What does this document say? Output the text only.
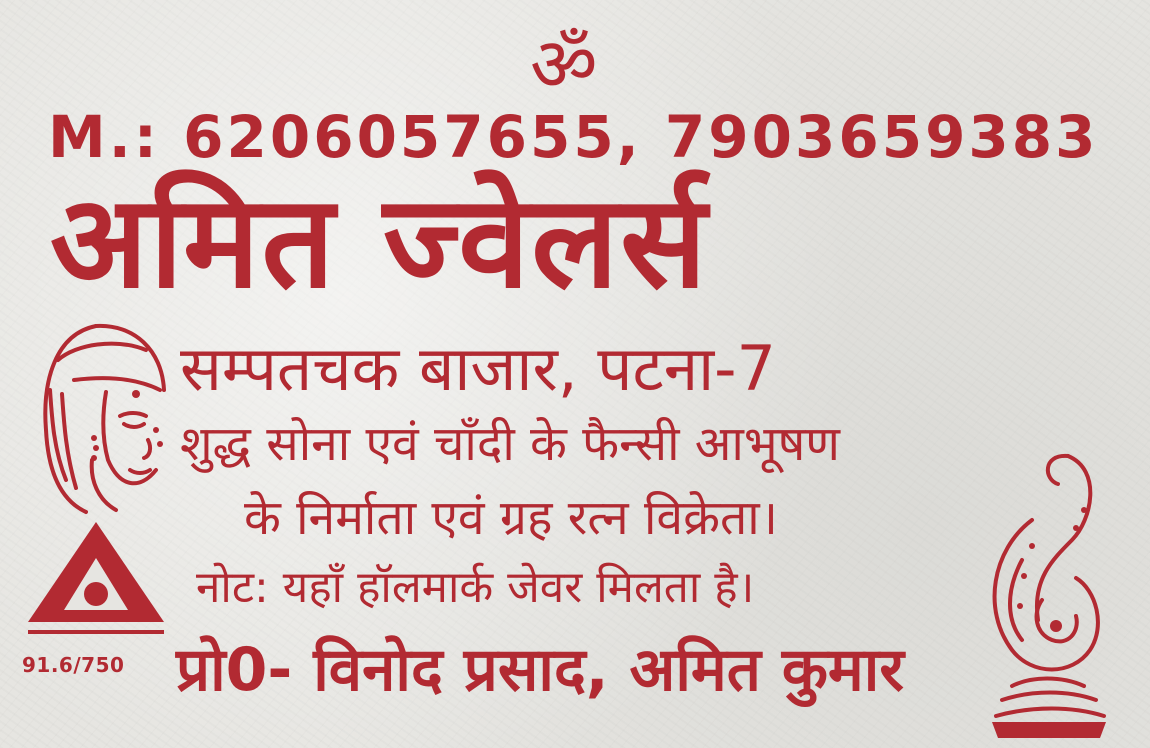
ॐ
M.: 6206057655, 7903659383
अमित ज्वेलर्स
सम्पतचक बाजार, पटना-7
शुद्ध सोना एवं चाँदी के फैन्सी आभूषण
के निर्माता एवं ग्रह रत्न विक्रेता।
91.6/750
नोट: यहाँ हॉलमार्क जेवर मिलता है।
प्रो0- विनोद प्रसाद, अमित कुमार
